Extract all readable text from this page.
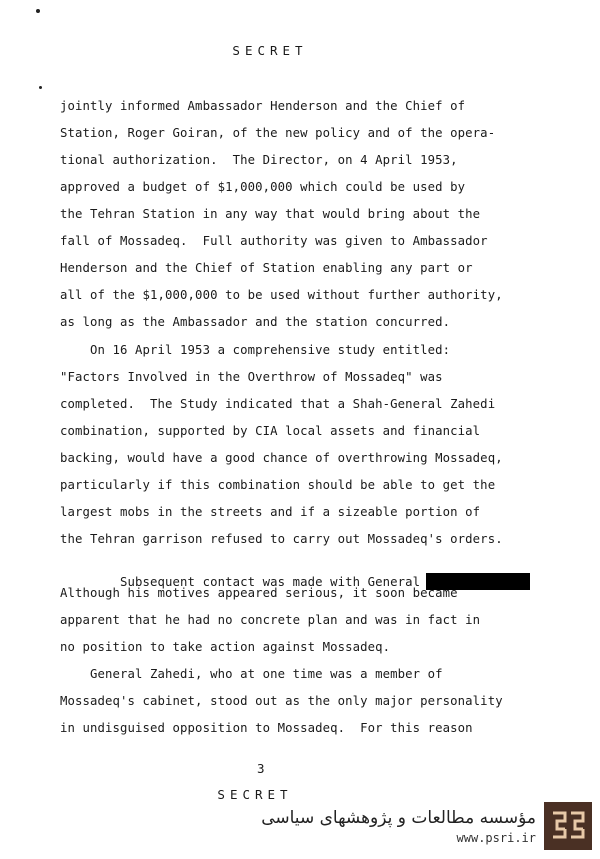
SECRET
jointly informed Ambassador Henderson and the Chief of
Station, Roger Goiran, of the new policy and of the opera-
tional authorization.  The Director, on 4 April 1953,
approved a budget of $1,000,000 which could be used by
the Tehran Station in any way that would bring about the
fall of Mossadeq.  Full authority was given to Ambassador
Henderson and the Chief of Station enabling any part or
all of the $1,000,000 to be used without further authority,
as long as the Ambassador and the station concurred.
On 16 April 1953 a comprehensive study entitled:
"Factors Involved in the Overthrow of Mossadeq" was
completed.  The Study indicated that a Shah-General Zahedi
combination, supported by CIA local assets and financial
backing, would have a good chance of overthrowing Mossadeq,
particularly if this combination should be able to get the
largest mobs in the streets and if a sizeable portion of
the Tehran garrison refused to carry out Mossadeq's orders.

Subsequent contact was made with General

Although his motives appeared serious, it soon became
apparent that he had no concrete plan and was in fact in
no position to take action against Mossadeq.
General Zahedi, who at one time was a member of
Mossadeq's cabinet, stood out as the only major personality
in undisguised opposition to Mossadeq.  For this reason
3
SECRET
مؤسسه مطالعات و پژوهشهای سیاسی
www.psri.ir
